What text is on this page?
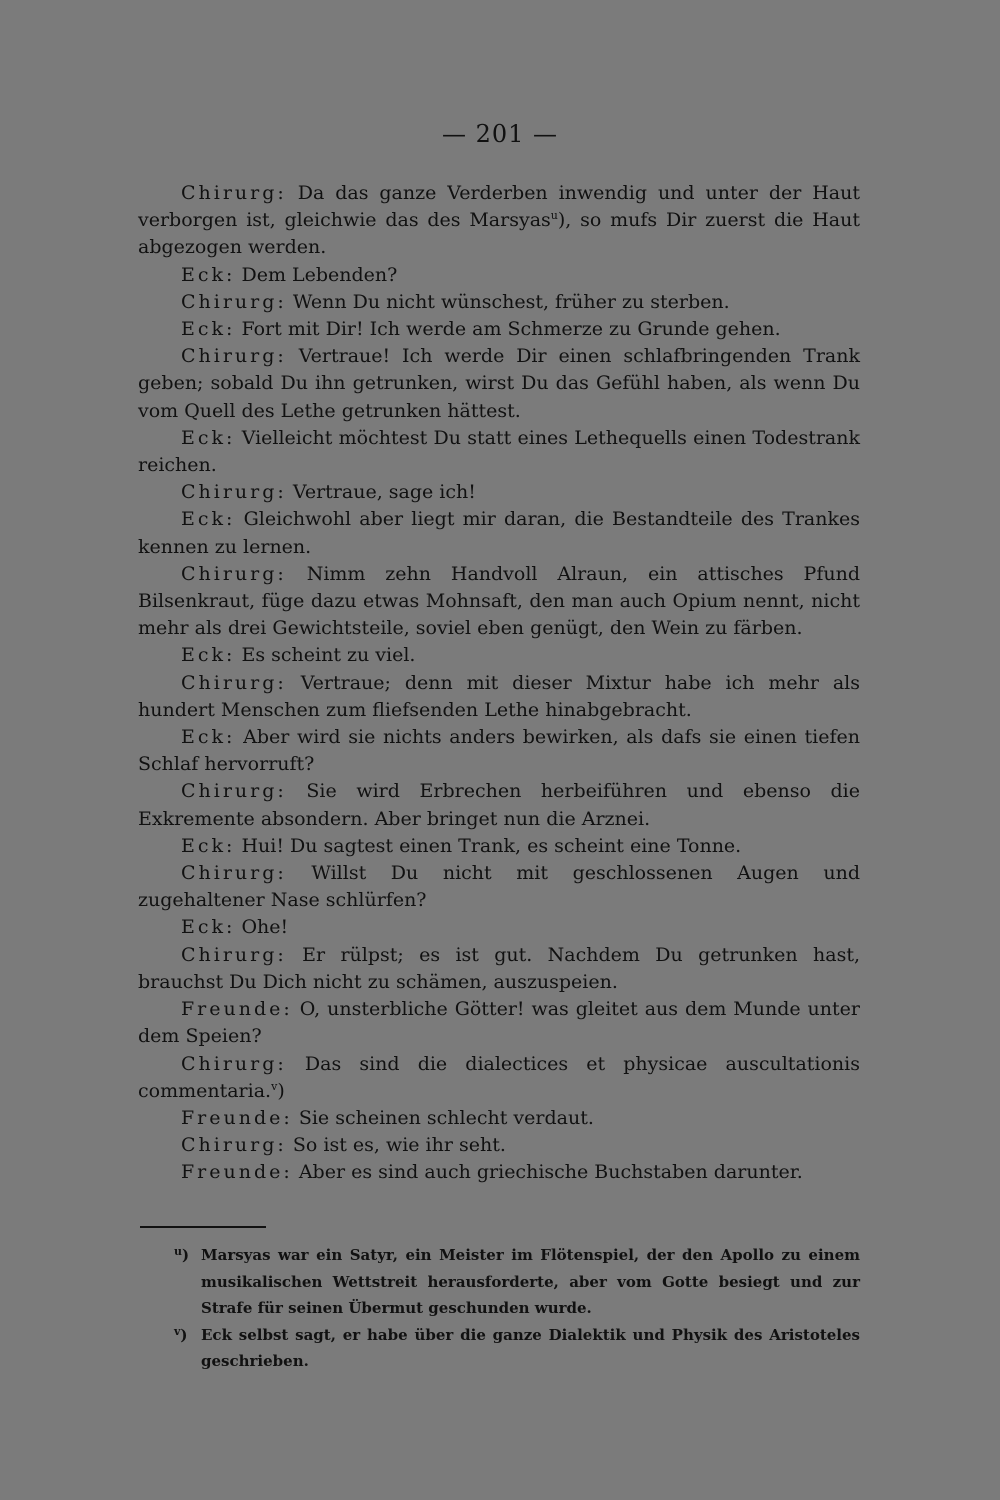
— 201 —

Chirurg: Da das ganze Verderben inwendig und unter der Haut verborgen ist, gleichwie das des Marsyas$^u$), so mufs Dir zuerst die Haut abgezogen werden.

Eck: Dem Lebenden?

Chirurg: Wenn Du nicht wünschest, früher zu sterben.

Eck: Fort mit Dir! Ich werde am Schmerze zu Grunde gehen.

Chirurg: Vertraue! Ich werde Dir einen schlafbringenden Trank geben; sobald Du ihn getrunken, wirst Du das Gefühl haben, als wenn Du vom Quell des Lethe getrunken hättest.

Eck: Vielleicht möchtest Du statt eines Lethequells einen Todestrank reichen.

Chirurg: Vertraue, sage ich!

Eck: Gleichwohl aber liegt mir daran, die Bestandteile des Trankes kennen zu lernen.

Chirurg: Nimm zehn Handvoll Alraun, ein attisches Pfund Bilsenkraut, füge dazu etwas Mohnsaft, den man auch Opium nennt, nicht mehr als drei Gewichtsteile, soviel eben genügt, den Wein zu färben.

Eck: Es scheint zu viel.

Chirurg: Vertraue; denn mit dieser Mixtur habe ich mehr als hundert Menschen zum fliefsenden Lethe hinabgebracht.

Eck: Aber wird sie nichts anders bewirken, als dafs sie einen tiefen Schlaf hervorruft?

Chirurg: Sie wird Erbrechen herbeiführen und ebenso die Exkremente absondern. Aber bringet nun die Arznei.

Eck: Hui! Du sagtest einen Trank, es scheint eine Tonne.

Chirurg: Willst Du nicht mit geschlossenen Augen und zugehaltener Nase schlürfen?

Eck: Ohe!

Chirurg: Er rülpst; es ist gut. Nachdem Du getrunken hast, brauchst Du Dich nicht zu schämen, auszuspeien.

Freunde: O, unsterbliche Götter! was gleitet aus dem Munde unter dem Speien?

Chirurg: Das sind die dialectices et physicae auscultationis commentaria.$^v$)

Freunde: Sie scheinen schlecht verdaut.

Chirurg: So ist es, wie ihr seht.

Freunde: Aber es sind auch griechische Buchstaben darunter.

$^u$) Marsyas war ein Satyr, ein Meister im Flötenspiel, der den Apollo zu einem musikalischen Wettstreit herausforderte, aber vom Gotte besiegt und zur Strafe für seinen Übermut geschunden wurde.

$^v$) Eck selbst sagt, er habe über die ganze Dialektik und Physik des Aristoteles geschrieben.
